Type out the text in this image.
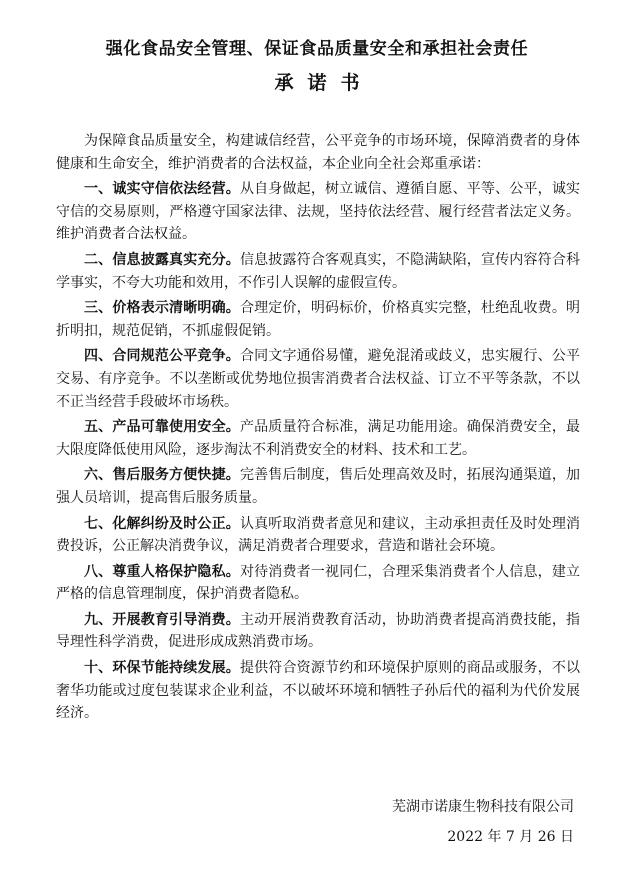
强化食品安全管理、保证食品质量安全和承担社会责任
承诺书

为保障食品质量安全，构建诚信经营，公平竞争的市场环境，保障消费者的身体健康和生命安全，维护消费者的合法权益，本企业向全社会郑重承诺：

一、诚实守信依法经营。从自身做起，树立诚信、遵循自愿、平等、公平，诚实守信的交易原则，严格遵守国家法律、法规，坚持依法经营、履行经营者法定义务。维护消费者合法权益。

二、信息披露真实充分。信息披露符合客观真实，不隐满缺陷，宣传内容符合科学事实，不夸大功能和效用，不作引人误解的虚假宣传。

三、价格表示清晰明确。合理定价，明码标价，价格真实完整，杜绝乱收费。明折明扣，规范促销，不抓虚假促销。

四、合同规范公平竞争。合同文字通俗易懂，避免混淆或歧义，忠实履行、公平交易、有序竞争。不以垄断或优势地位损害消费者合法权益、订立不平等条款，不以不正当经营手段破坏市场秩。

五、产品可靠使用安全。产品质量符合标准，满足功能用途。确保消费安全，最大限度降低使用风险，逐步淘汰不利消费安全的材料、技术和工艺。

六、售后服务方便快捷。完善售后制度，售后处理高效及时，拓展沟通渠道，加强人员培训，提高售后服务质量。

七、化解纠纷及时公正。认真听取消费者意见和建议，主动承担责任及时处理消费投诉，公正解决消费争议，满足消费者合理要求，营造和谐社会环境。

八、尊重人格保护隐私。对待消费者一视同仁，合理采集消费者个人信息，建立严格的信息管理制度，保护消费者隐私。

九、开展教育引导消费。主动开展消费教育活动，协助消费者提高消费技能，指导理性科学消费，促进形成成熟消费市场。

十、环保节能持续发展。提供符合资源节约和环境保护原则的商品或服务，不以奢华功能或过度包装谋求企业利益，不以破坏环境和牺牲子孙后代的福利为代价发展经济。

芜湖市诺康生物科技有限公司
2022 年 7 月 26 日
